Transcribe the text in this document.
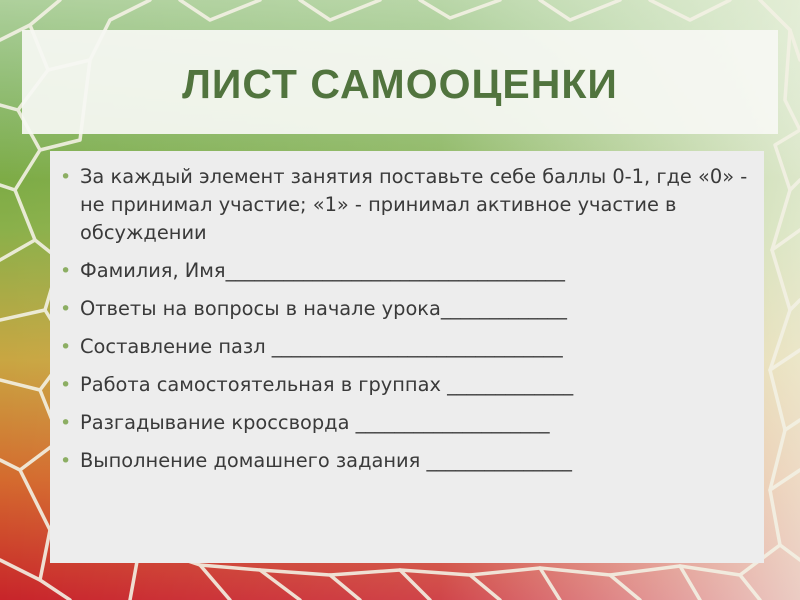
ЛИСТ САМООЦЕНКИ
• За каждый элемент занятия поставьте себе баллы 0-1, где «0» - не принимал участие; «1» - принимал активное участие в обсуждении
• Фамилия, Имя___________________________________
• Ответы на вопросы в начале урока_____________
• Составление пазл ______________________________
• Работа самостоятельная в группах _____________
• Разгадывание кроссворда ____________________
• Выполнение домашнего задания _______________
